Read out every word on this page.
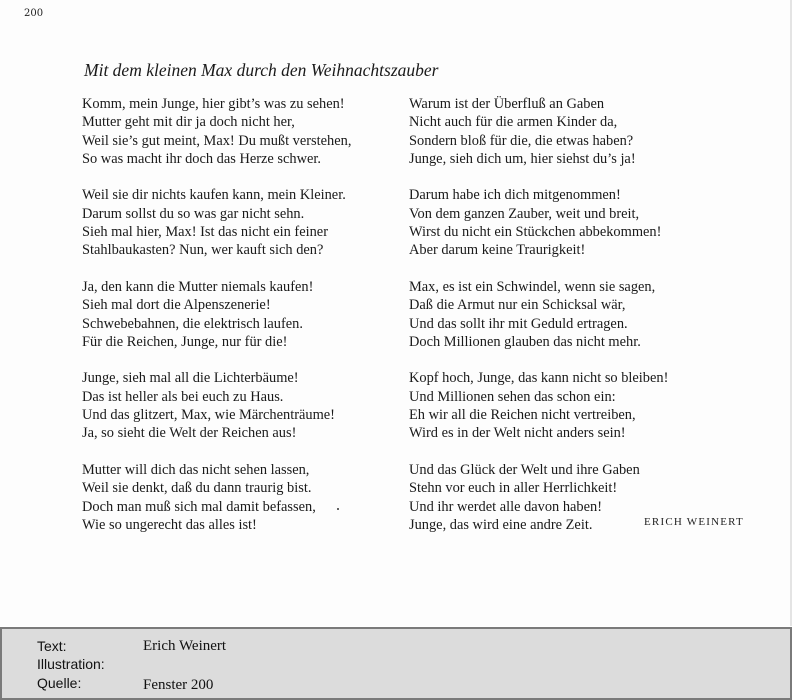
200
Mit dem kleinen Max durch den Weihnachtszauber
Komm, mein Junge, hier gibt’s was zu sehen!
Mutter geht mit dir ja doch nicht her,
Weil sie’s gut meint, Max! Du mußt verstehen,
So was macht ihr doch das Herze schwer.
Weil sie dir nichts kaufen kann, mein Kleiner.
Darum sollst du so was gar nicht sehn.
Sieh mal hier, Max! Ist das nicht ein feiner
Stahlbaukasten? Nun, wer kauft sich den?
Ja, den kann die Mutter niemals kaufen!
Sieh mal dort die Alpenszenerie!
Schwebebahnen, die elektrisch laufen.
Für die Reichen, Junge, nur für die!
Junge, sieh mal all die Lichterbäume!
Das ist heller als bei euch zu Haus.
Und das glitzert, Max, wie Märchenträume!
Ja, so sieht die Welt der Reichen aus!
Mutter will dich das nicht sehen lassen,
Weil sie denkt, daß du dann traurig bist.
Doch man muß sich mal damit befassen,
Wie so ungerecht das alles ist!
Warum ist der Überfluß an Gaben
Nicht auch für die armen Kinder da,
Sondern bloß für die, die etwas haben?
Junge, sieh dich um, hier siehst du’s ja!
Darum habe ich dich mitgenommen!
Von dem ganzen Zauber, weit und breit,
Wirst du nicht ein Stückchen abbekommen!
Aber darum keine Traurigkeit!
Max, es ist ein Schwindel, wenn sie sagen,
Daß die Armut nur ein Schicksal wär,
Und das sollt ihr mit Geduld ertragen.
Doch Millionen glauben das nicht mehr.
Kopf hoch, Junge, das kann nicht so bleiben!
Und Millionen sehen das schon ein:
Eh wir all die Reichen nicht vertreiben,
Wird es in der Welt nicht anders sein!
Und das Glück der Welt und ihre Gaben
Stehn vor euch in aller Herrlichkeit!
Und ihr werdet alle davon haben!
Junge, das wird eine andre Zeit.	ERICH WEINERT
Text:	Erich Weinert
Illustration:
Quelle:	Fenster 200
